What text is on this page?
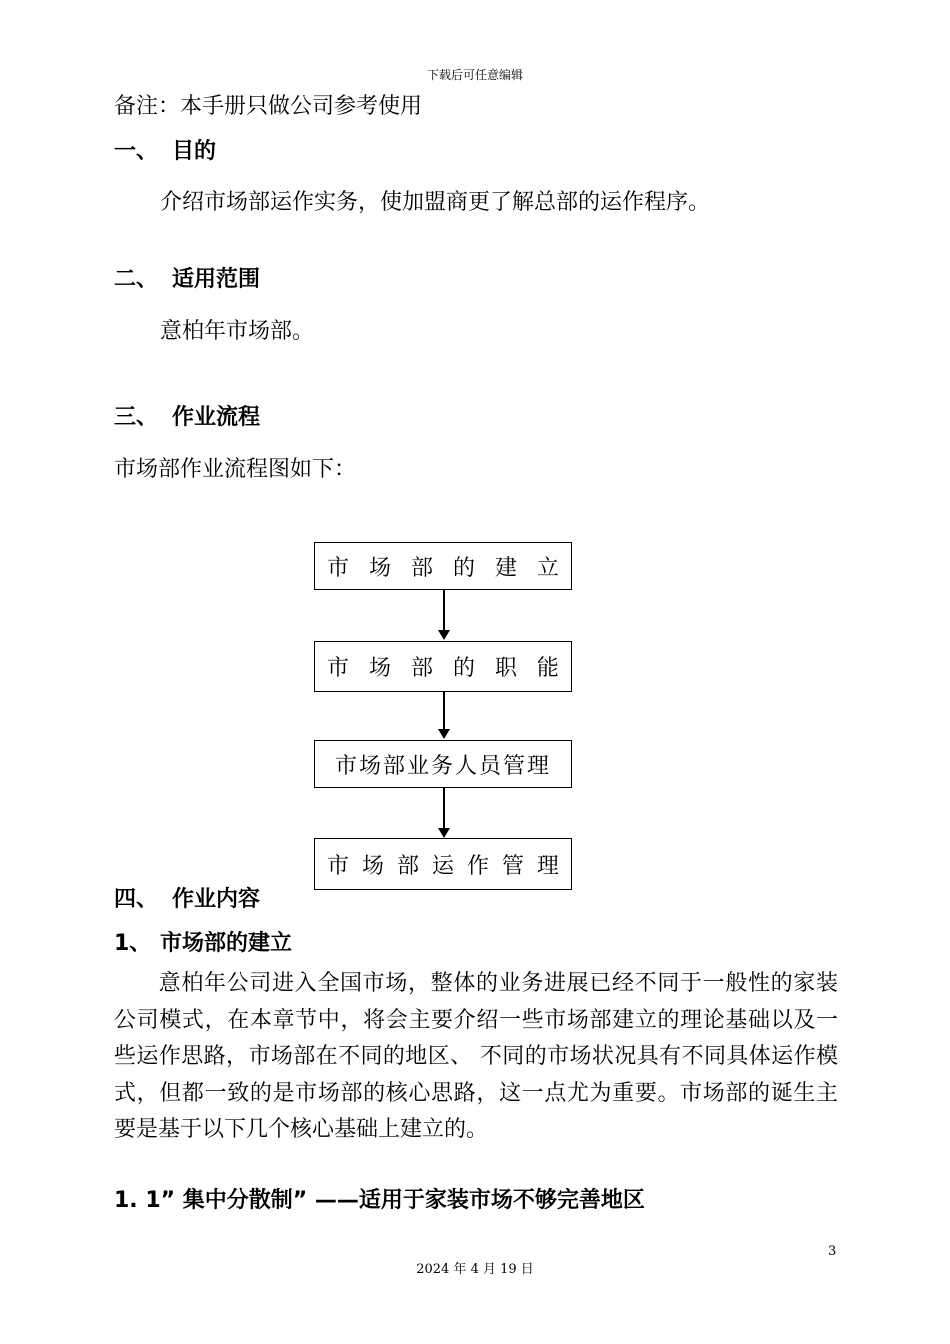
下载后可任意编辑
备注：本手册只做公司参考使用
一、 目的
介绍市场部运作实务，使加盟商更了解总部的运作程序。
二、 适用范围
意柏年市场部。
三、 作业流程
市场部作业流程图如下：
市 场 部 的 建 立
市 场 部 的 职 能
市场部业务人员管理
市 场 部 运 作 管 理
四、 作业内容
1、 市场部的建立
意柏年公司进入全国市场，整体的业务进展已经不同于一般性的家装公司模式，在本章节中，将会主要介绍一些市场部建立的理论基础以及一些运作思路，市场部在不同的地区、 不同的市场状况具有不同具体运作模式，但都一致的是市场部的核心思路，这一点尤为重要。市场部的诞生主要是基于以下几个核心基础上建立的。
1. 1” 集中分散制” ——适用于家装市场不够完善地区
3
2024 年 4 月 19 日
